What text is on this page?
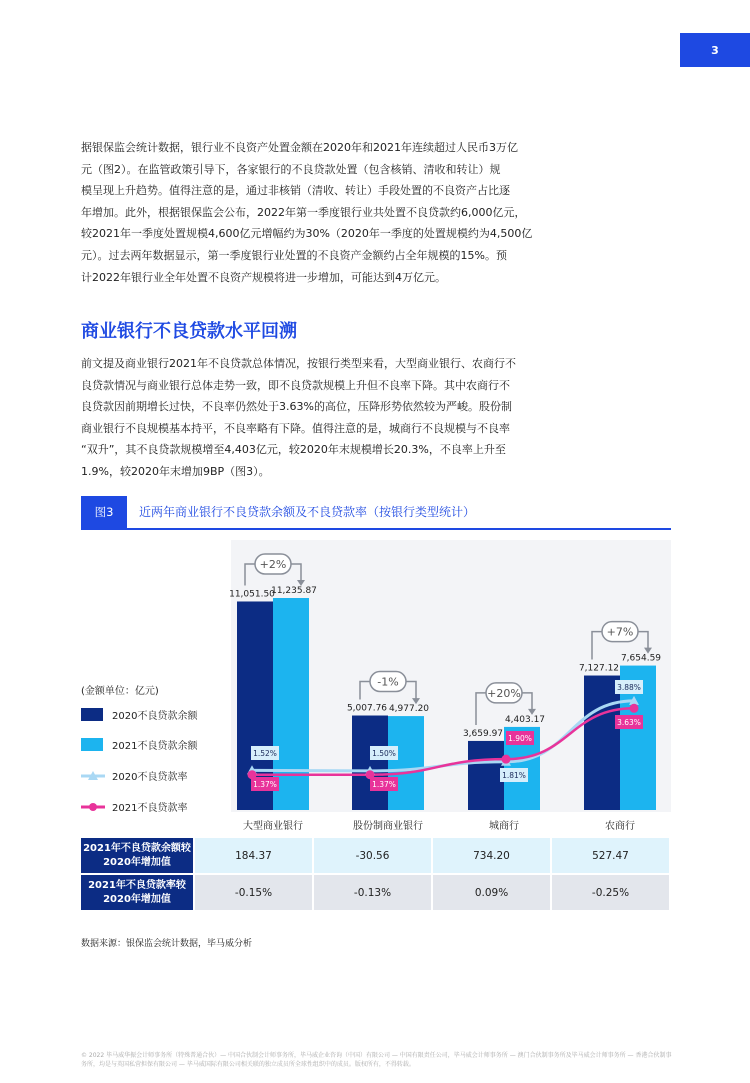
3

据银保监会统计数据，银行业不良资产处置金额在2020年和2021年连续超过人民币3万亿
元（图2）。在监管政策引导下，各家银行的不良贷款处置（包含核销、清收和转让）规
模呈现上升趋势。值得注意的是，通过非核销（清收、转让）手段处置的不良资产占比逐
年增加。此外，根据银保监会公布，2022年第一季度银行业共处置不良贷款约6,000亿元，
较2021年一季度处置规模4,600亿元增幅约为30%（2020年一季度的处置规模约为4,500亿
元）。过去两年数据显示，第一季度银行业处置的不良资产金额约占全年规模的15%。预
计2022年银行业全年处置不良资产规模将进一步增加，可能达到4万亿元。

商业银行不良贷款水平回溯

前文提及商业银行2021年不良贷款总体情况，按银行类型来看，大型商业银行、农商行不
良贷款情况与商业银行总体走势一致，即不良贷款规模上升但不良率下降。其中农商行不
良贷款因前期增长过快，不良率仍然处于3.63%的高位，压降形势依然较为严峻。股份制
商业银行不良规模基本持平，不良率略有下降。值得注意的是，城商行不良规模与不良率
“双升”，其不良贷款规模增至4,403亿元，较2020年末规模增长20.3%，不良率上升至
1.9%，较2020年末增加9BP（图3）。

图3	近两年商业银行不良贷款余额及不良贷款率（按银行类型统计）
(金额单位：亿元)
2020不良贷款余额
2021不良贷款余额
2020不良贷款率
2021不良贷款率
11,051.50
11,235.87
大型商业银行
+2%
5,007.76 4,977.20
股份制商业银行
-1%
3,659.97
4,403.17
城商行
+20%
7,127.12
7,654.59
农商行
+7%
1.52%	1.50%
1.81%
3.88%
1.37%	1.37%
1.90%
3.63%
2021年不良贷款余额较2020年增加值
184.37	-30.56	734.20	527.47
2021年不良贷款率较2020年增加值
-0.15%	-0.13%	0.09%	-0.25%
数据来源：银保监会统计数据，毕马威分析
© 2022 毕马威华振会计师事务所（特殊普通合伙）— 中国合伙制会计师事务所，毕马威企业咨询（中国）有限公司 — 中国有限责任公司，毕马威会计师事务所 — 澳门合伙制事务所及毕马威会计师事务所 — 香港合伙制事务所，均是与英国私营担保有限公司 — 毕马威国际有限公司相关联的独立成员所全球性组织中的成员。版权所有，不得转载。
